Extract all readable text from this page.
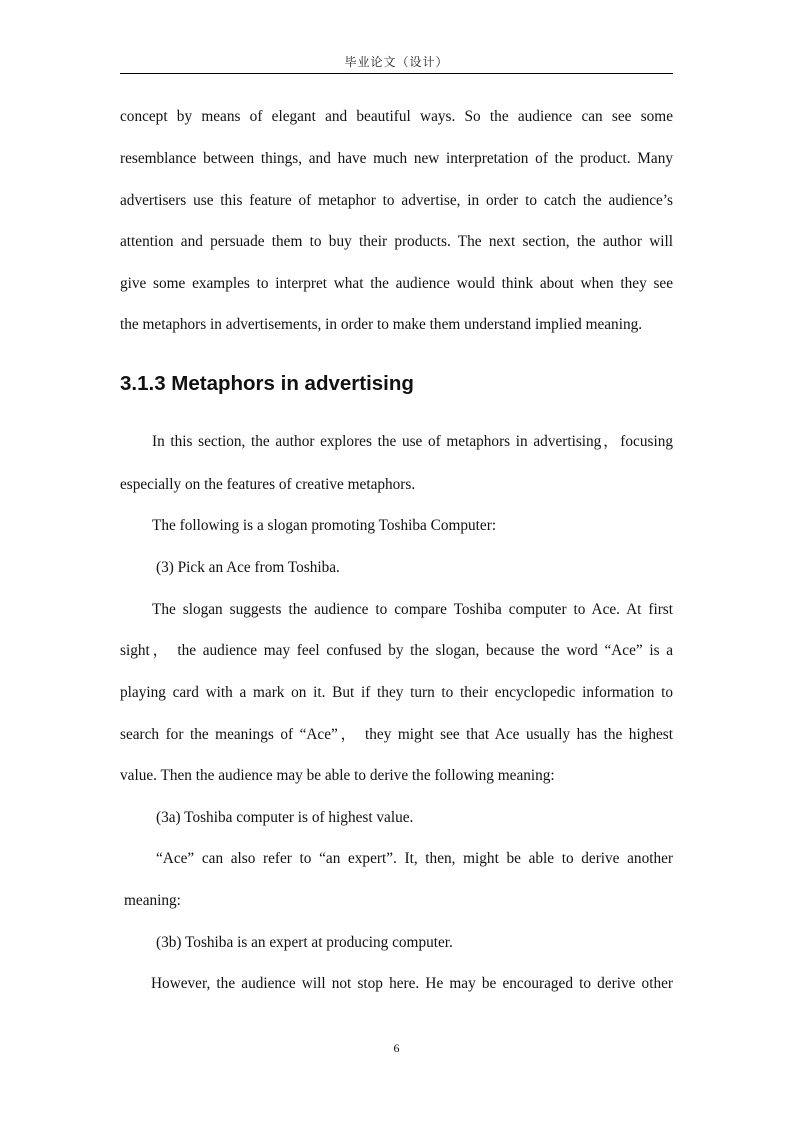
毕业论文（设计）
concept by means of elegant and beautiful ways. So the audience can see some
resemblance between things, and have much new interpretation of the product. Many
advertisers use this feature of metaphor to advertise, in order to catch the audience’s
attention and persuade them to buy their products. The next section, the author will
give some examples to interpret what the audience would think about when they see
the metaphors in advertisements, in order to make them understand implied meaning.
3.1.3 Metaphors in advertising
In this section, the author explores the use of metaphors in advertising，focusing
especially on the features of creative metaphors.
The following is a slogan promoting Toshiba Computer:
(3) Pick an Ace from Toshiba.
The slogan suggests the audience to compare Toshiba computer to Ace. At first
sight， the audience may feel confused by the slogan, because the word “Ace” is a
playing card with a mark on it. But if they turn to their encyclopedic information to
search for the meanings of “Ace”， they might see that Ace usually has the highest
value. Then the audience may be able to derive the following meaning:
(3a) Toshiba computer is of highest value.
“Ace” can also refer to “an expert”. It, then, might be able to derive another
meaning:
(3b) Toshiba is an expert at producing computer.
However, the audience will not stop here. He may be encouraged to derive other
6
